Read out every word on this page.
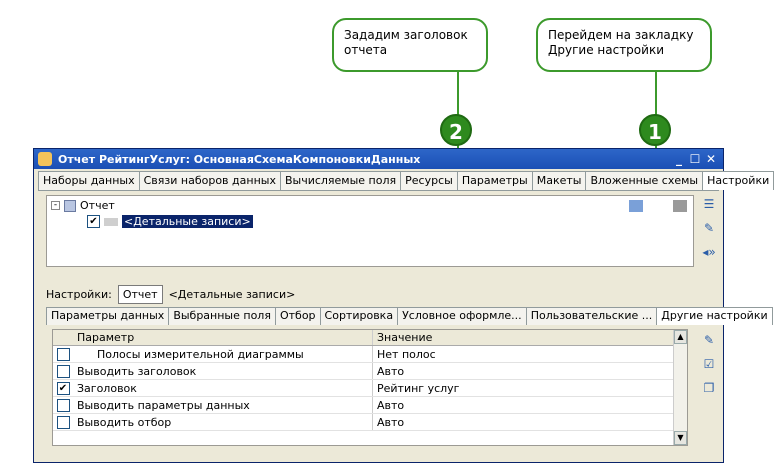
Зададим заголовок
отчета
Перейдем на закладку
Другие настройки
2	1
Отчет РейтингУслуг: ОсновнаяСхемаКомпоновкиДанных	_ ☐ ✕
Наборы данных Связи наборов данных Вычисляемые поля Ресурсы Параметры Макеты Вложенные схемы Настройки
- Отчет
✔ <Детальные записи>
☰
✎
◂»
Настройки:	Отчет	<Детальные записи>
Параметры данных Выбранные поля Отбор Сортировка Условное оформле... Пользовательские ... Другие настройки
Параметр	Значение
Полосы измерительной диаграммы	Нет полос
Выводить заголовок	Авто
✔ Заголовок	Рейтинг услуг
Выводить параметры данных	Авто
Выводить отбор	Авто
▲
▼
✎
☑
❐
